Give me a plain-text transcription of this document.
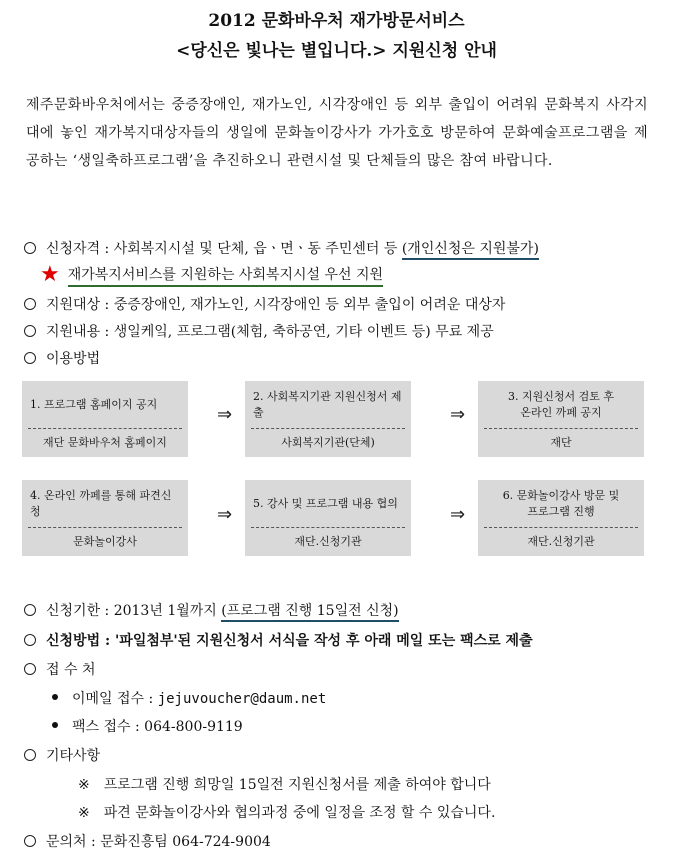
2012 문화바우처 재가방문서비스
<당신은 빛나는 별입니다.> 지원신청 안내
제주문화바우처에서는 중증장애인, 재가노인, 시각장애인 등 외부 출입이 어려워 문화복지 사각지대에 놓인 재가복지대상자들의 생일에 문화놀이강사가 가가호호 방문하여 문화예술프로그램을 제공하는 ‘생일축하프로그램’을 추진하오니 관련시설 및 단체들의 많은 참여 바랍니다.
신청자격 : 사회복지시설 및 단체, 읍ㆍ면ㆍ동 주민센터 등 (개인신청은 지원불가)
★ 재가복지서비스를 지원하는 사회복지시설 우선 지원
지원대상 : 중증장애인, 재가노인, 시각장애인 등 외부 출입이 어려운 대상자
지원내용 : 생일케잌, 프로그램(체험, 축하공연, 기타 이벤트 등) 무료 제공
이용방법
1. 프로그램 홈페이지 공지
재단 문화바우처 홈페이지
⇒
2. 사회복지기관 지원신청서 제출
사회복지기관(단체)
⇒
3. 지원신청서 검토 후
온라인 까페 공지
재단
4. 온라인 까페를 통해 파견신청
문화놀이강사
⇒
5. 강사 및 프로그램 내용 협의
재단.신청기관
⇒
6. 문화놀이강사 방문 및
프로그램 진행
재단.신청기관
신청기한 : 2013년 1월까지 (프로그램 진행 15일전 신청)
신청방법 : '파일첨부'된 지원신청서 서식을 작성 후 아래 메일 또는 팩스로 제출
접 수 처
이메일 접수 : jejuvoucher@daum.net
팩스 접수 : 064-800-9119
기타사항
※ 프로그램 진행 희망일 15일전 지원신청서를 제출 하여야 합니다
※ 파견 문화놀이강사와 협의과정 중에 일정을 조정 할 수 있습니다.
문의처 : 문화진흥팀 064-724-9004
